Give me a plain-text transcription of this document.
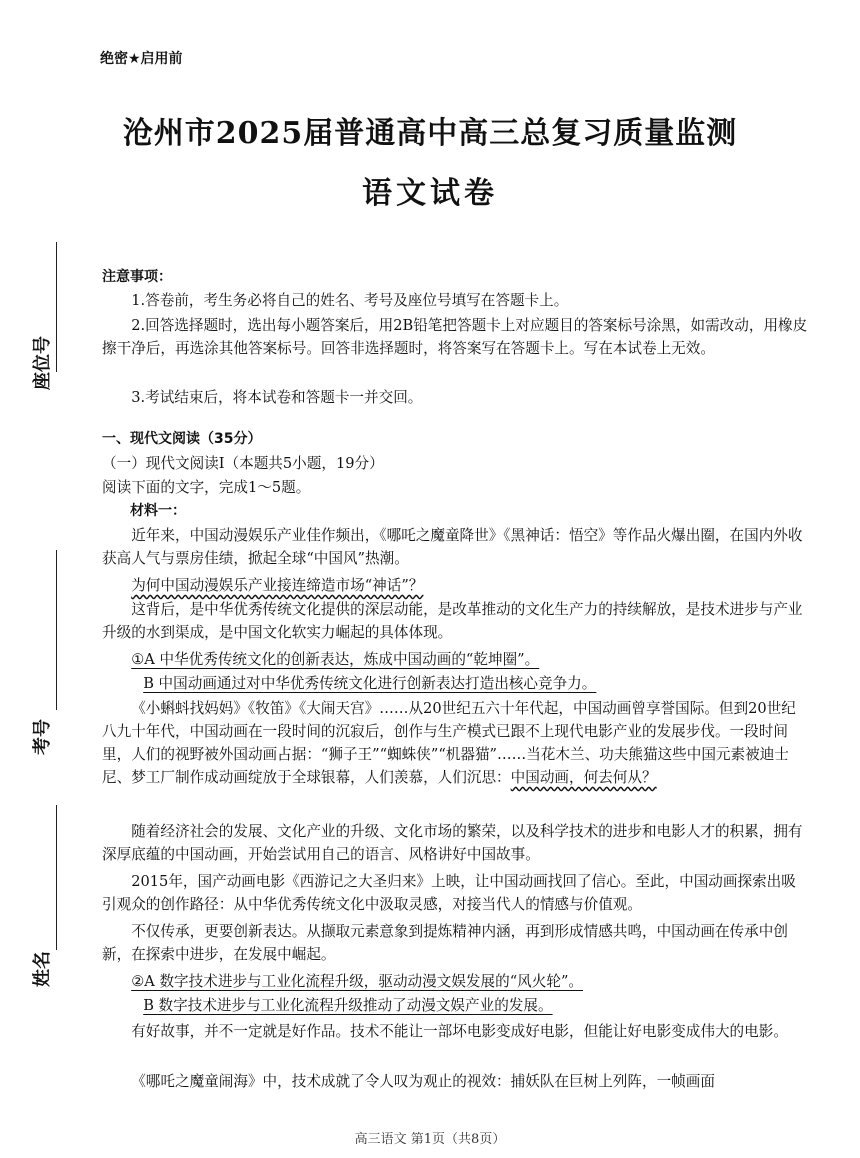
绝密★启用前
沧州市2025届普通高中高三总复习质量监测
语文试卷
座位号
考号
姓名
注意事项：
1.答卷前，考生务必将自己的姓名、考号及座位号填写在答题卡上。
2.回答选择题时，选出每小题答案后，用2B铅笔把答题卡上对应题目的答案标号涂黑，如需改动，用橡皮擦干净后，再选涂其他答案标号。回答非选择题时，将答案写在答题卡上。写在本试卷上无效。
3.考试结束后，将本试卷和答题卡一并交回。
一、现代文阅读（35分）
（一）现代文阅读Ⅰ（本题共5小题，19分）
阅读下面的文字，完成1～5题。
材料一：
近年来，中国动漫娱乐产业佳作频出，《哪吒之魔童降世》《黑神话：悟空》等作品火爆出圈，在国内外收获高人气与票房佳绩，掀起全球“中国风”热潮。
为何中国动漫娱乐产业接连缔造市场“神话”？
这背后，是中华优秀传统文化提供的深层动能，是改革推动的文化生产力的持续解放，是技术进步与产业升级的水到渠成，是中国文化软实力崛起的具体体现。
①A 中华优秀传统文化的创新表达，炼成中国动画的“乾坤圈”。
B 中国动画通过对中华优秀传统文化进行创新表达打造出核心竞争力。
《小蝌蚪找妈妈》《牧笛》《大闹天宫》……从20世纪五六十年代起，中国动画曾享誉国际。但到20世纪八九十年代，中国动画在一段时间的沉寂后，创作与生产模式已跟不上现代电影产业的发展步伐。一段时间里，人们的视野被外国动画占据：“狮子王”“蜘蛛侠”“机器猫”……当花木兰、功夫熊猫这些中国元素被迪士尼、梦工厂制作成动画绽放于全球银幕，人们羡慕，人们沉思：中国动画，何去何从？
随着经济社会的发展、文化产业的升级、文化市场的繁荣，以及科学技术的进步和电影人才的积累，拥有深厚底蕴的中国动画，开始尝试用自己的语言、风格讲好中国故事。
2015年，国产动画电影《西游记之大圣归来》上映，让中国动画找回了信心。至此，中国动画探索出吸引观众的创作路径：从中华优秀传统文化中汲取灵感，对接当代人的情感与价值观。
不仅传承，更要创新表达。从撷取元素意象到提炼精神内涵，再到形成情感共鸣，中国动画在传承中创新，在探索中进步，在发展中崛起。
②A 数字技术进步与工业化流程升级，驱动动漫文娱发展的“风火轮”。
B 数字技术进步与工业化流程升级推动了动漫文娱产业的发展。
有好故事，并不一定就是好作品。技术不能让一部坏电影变成好电影，但能让好电影变成伟大的电影。
《哪吒之魔童闹海》中，技术成就了令人叹为观止的视效：捕妖队在巨树上列阵，一帧画面
高三语文 第1页（共8页）
